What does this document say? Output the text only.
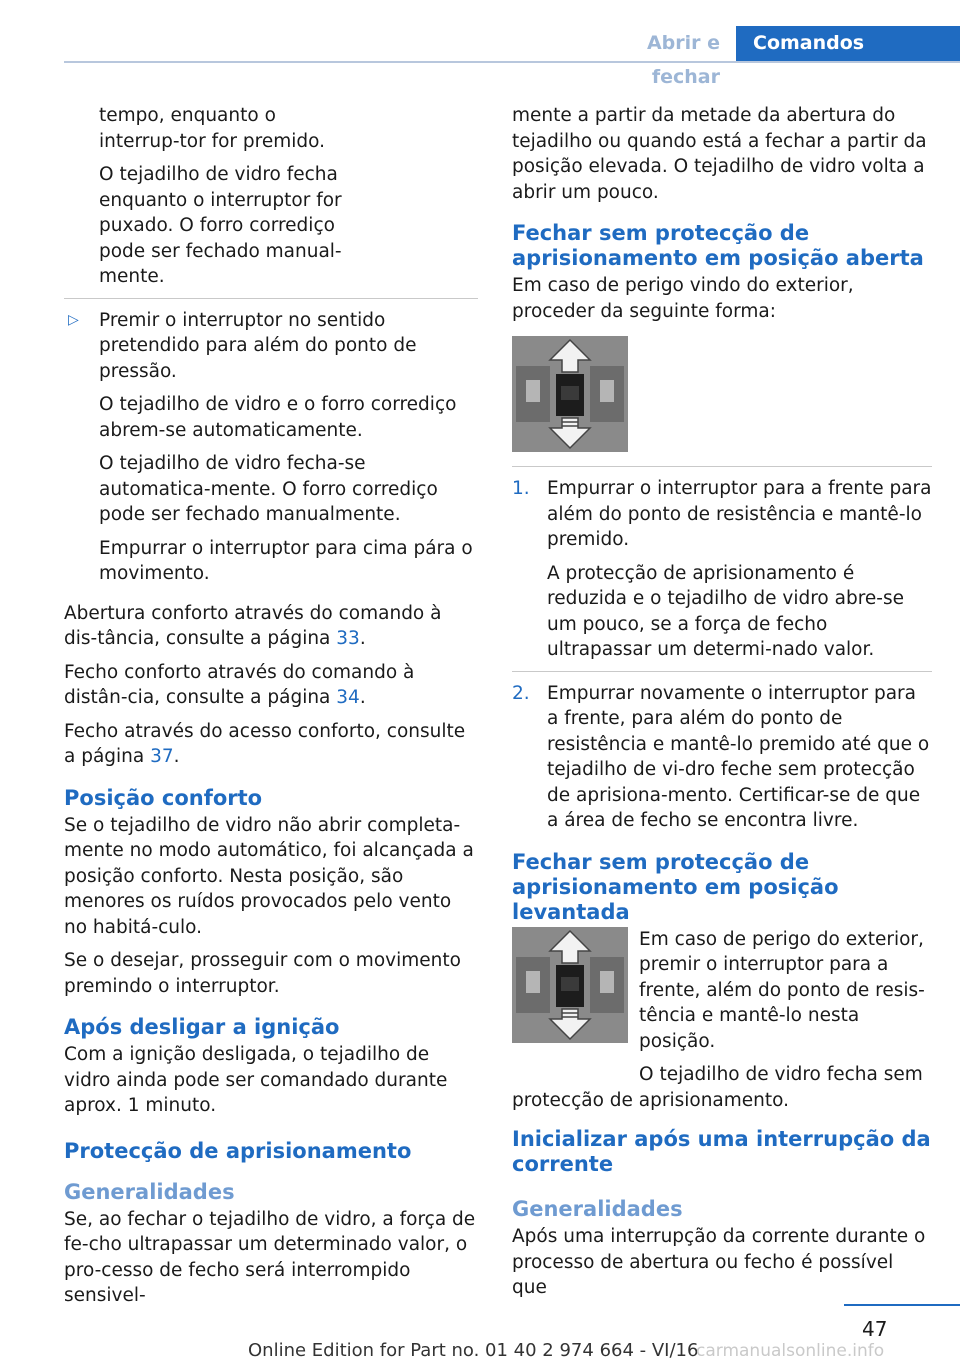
Abrir e fechar
Comandos

tempo, enquanto o interrup-tor for premido.

O tejadilho de vidro fecha enquanto o interruptor for puxado. O forro corrediço pode ser fechado manual-mente.

▷ Premir o interruptor no sentido pretendido para além do ponto de pressão.

O tejadilho de vidro e o forro corrediço abrem-se automaticamente.

O tejadilho de vidro fecha-se automatica-mente. O forro corrediço pode ser fechado manualmente.

Empurrar o interruptor para cima pára o movimento.

Abertura conforto através do comando à dis-tância, consulte a página 33.

Fecho conforto através do comando à distân-cia, consulte a página 34.

Fecho através do acesso conforto, consulte a página 37.

Posição conforto

Se o tejadilho de vidro não abrir completa-mente no modo automático, foi alcançada a posição conforto. Nesta posição, são menores os ruídos provocados pelo vento no habitá-culo.

Se o desejar, prosseguir com o movimento premindo o interruptor.

Após desligar a ignição

Com a ignição desligada, o tejadilho de vidro ainda pode ser comandado durante aprox. 1 minuto.

Protecção de aprisionamento
Generalidades

Se, ao fechar o tejadilho de vidro, a força de fe-cho ultrapassar um determinado valor, o pro-cesso de fecho será interrompido sensivel-

mente a partir da metade da abertura do tejadilho ou quando está a fechar a partir da posição elevada. O tejadilho de vidro volta a abrir um pouco.

Fechar sem protecção de aprisionamento em posição aberta

Em caso de perigo vindo do exterior, proceder da seguinte forma:

1. Empurrar o interruptor para a frente para além do ponto de resistência e mantê-lo premido.

A protecção de aprisionamento é reduzida e o tejadilho de vidro abre-se um pouco, se a força de fecho ultrapassar um determi-nado valor.

2. Empurrar novamente o interruptor para a frente, para além do ponto de resistência e mantê-lo premido até que o tejadilho de vi-dro feche sem protecção de aprisiona-mento. Certificar-se de que a área de fecho se encontra livre.

Fechar sem protecção de aprisionamento em posição levantada

Em caso de perigo do exterior, premir o interruptor para a frente, além do ponto de resis-tência e mantê-lo nesta posição.

O tejadilho de vidro fecha sem protecção de aprisionamento.

Inicializar após uma interrupção da corrente
Generalidades

Após uma interrupção da corrente durante o processo de abertura ou fecho é possível que

47
Online Edition for Part no. 01 40 2 974 664 - VI/16
carmanualsonline.info
